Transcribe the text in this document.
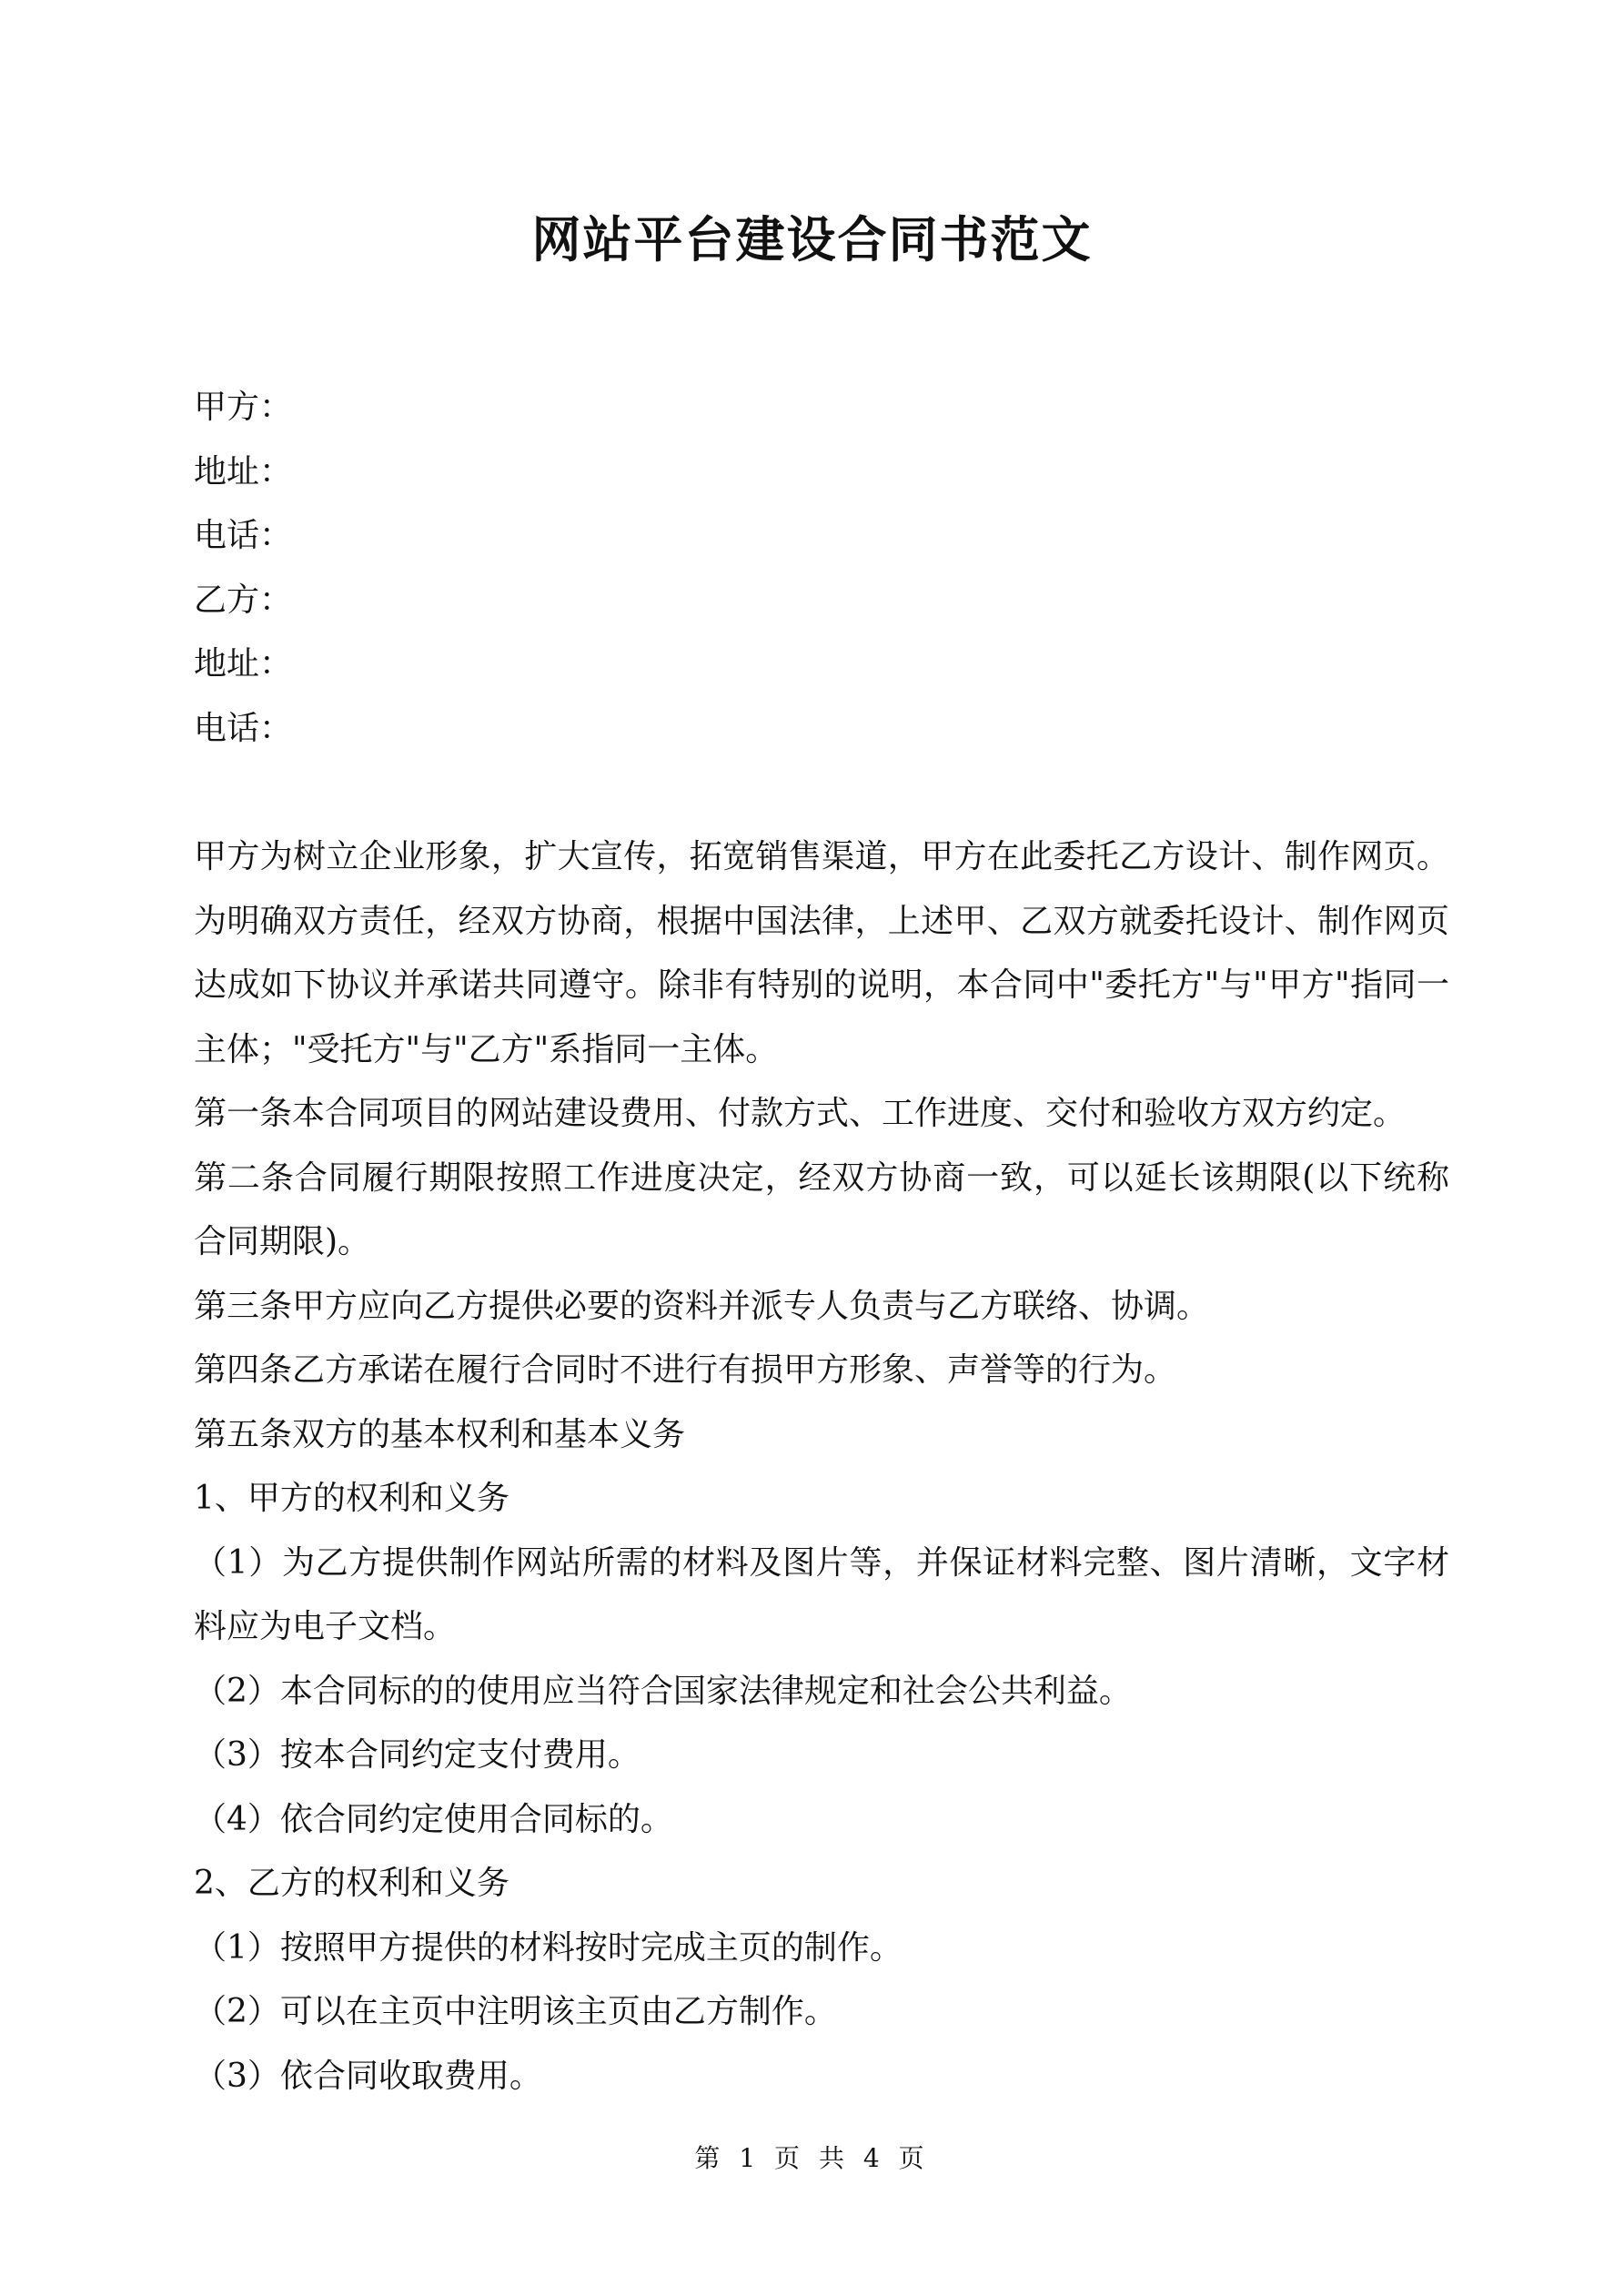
网站平台建设合同书范文
甲方：
地址：
电话：
乙方：
地址：
电话：
甲方为树立企业形象，扩大宣传，拓宽销售渠道，甲方在此委托乙方设计、制作网页。为明确双方责任，经双方协商，根据中国法律，上述甲、乙双方就委托设计、制作网页达成如下协议并承诺共同遵守。除非有特别的说明，本合同中"委托方"与"甲方"指同一主体；"受托方"与"乙方"系指同一主体。
第一条本合同项目的网站建设费用、付款方式、工作进度、交付和验收方双方约定。
第二条合同履行期限按照工作进度决定，经双方协商一致，可以延长该期限(以下统称合同期限)。
第三条甲方应向乙方提供必要的资料并派专人负责与乙方联络、协调。
第四条乙方承诺在履行合同时不进行有损甲方形象、声誉等的行为。
第五条双方的基本权利和基本义务
1、甲方的权利和义务
（1）为乙方提供制作网站所需的材料及图片等，并保证材料完整、图片清晰，文字材料应为电子文档。
（2）本合同标的的使用应当符合国家法律规定和社会公共利益。
（3）按本合同约定支付费用。
（4）依合同约定使用合同标的。
2、乙方的权利和义务
（1）按照甲方提供的材料按时完成主页的制作。
（2）可以在主页中注明该主页由乙方制作。
（3）依合同收取费用。
第 1 页 共 4 页
